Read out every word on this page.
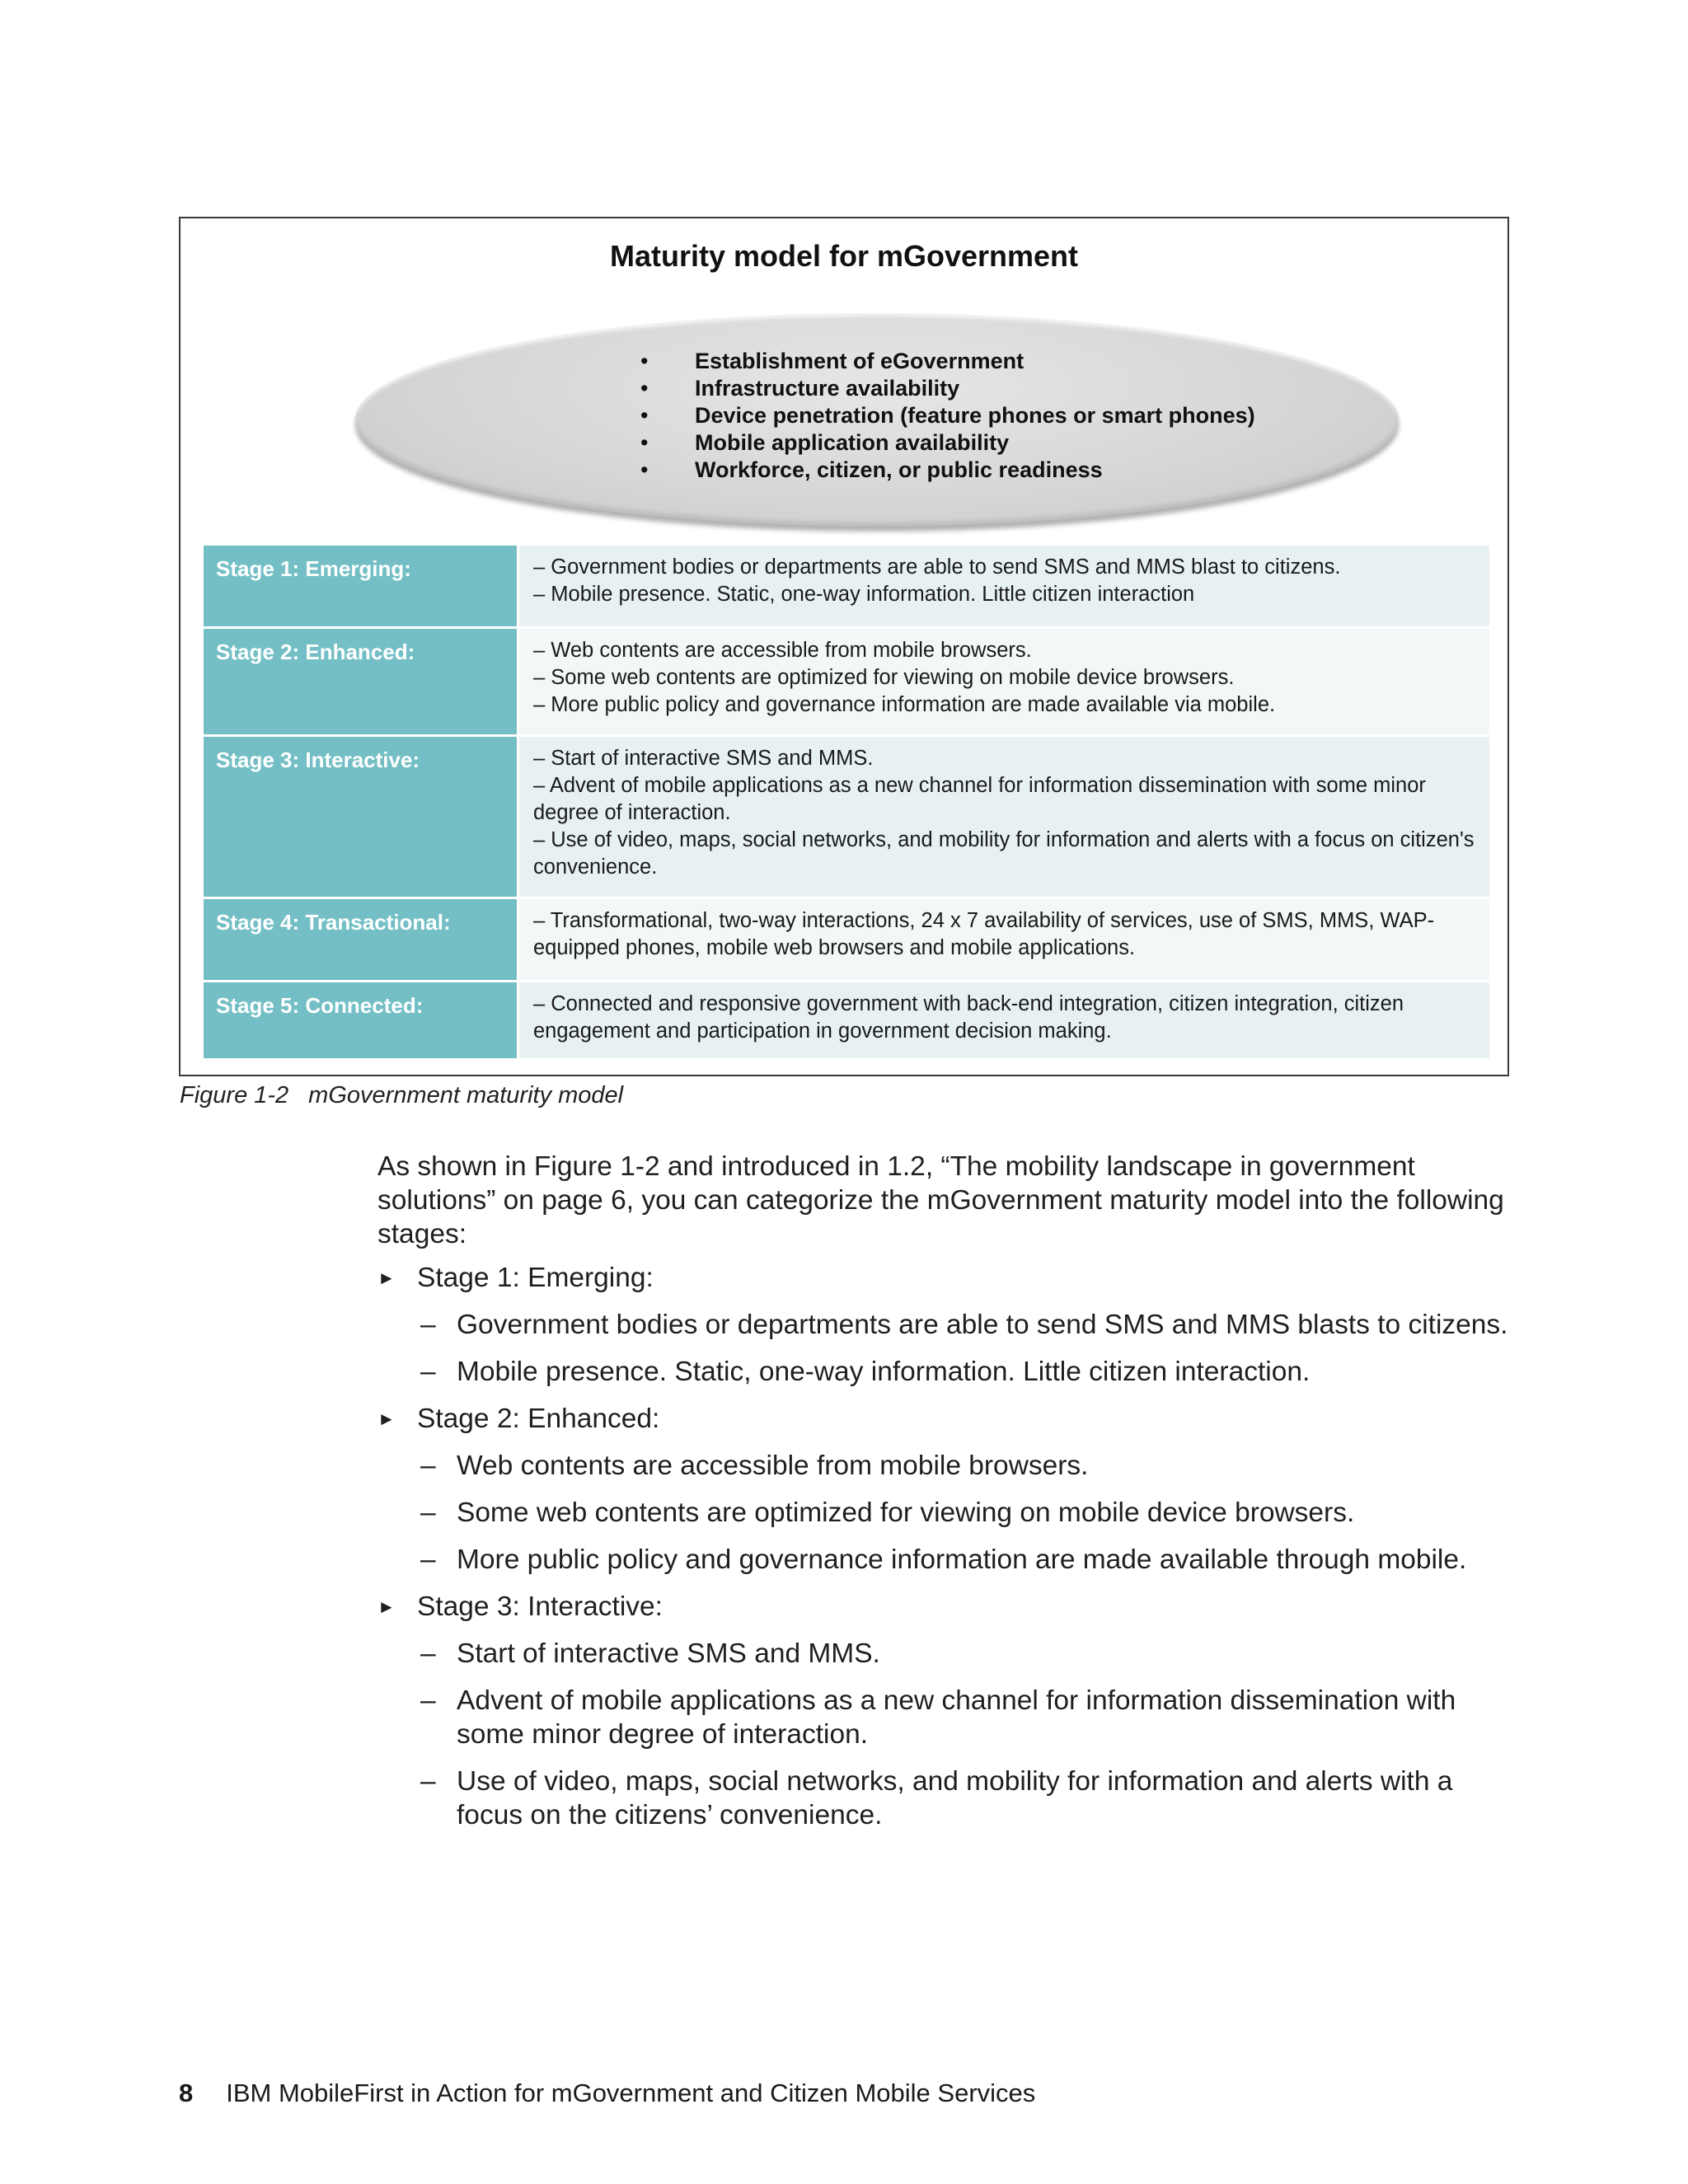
Maturity model for mGovernment
• Establishment of eGovernment
• Infrastructure availability
• Device penetration (feature phones or smart phones)
• Mobile application availability
• Workforce, citizen, or public readiness
Stage 1: Emerging:	– Government bodies or departments are able to send SMS and MMS blast to citizens.
– Mobile presence. Static, one-way information. Little citizen interaction
Stage 2: Enhanced:	– Web contents are accessible from mobile browsers.
– Some web contents are optimized for viewing on mobile device browsers.
– More public policy and governance information are made available via mobile.
Stage 3: Interactive:	– Start of interactive SMS and MMS.
– Advent of mobile applications as a new channel for information dissemination with some minor degree of interaction.
– Use of video, maps, social networks, and mobility for information and alerts with a focus on citizen's convenience.
Stage 4: Transactional:	– Transformational, two-way interactions, 24 x 7 availability of services, use of SMS, MMS, WAP-equipped phones, mobile web browsers and mobile applications.
Stage 5: Connected:	– Connected and responsive government with back-end integration, citizen integration, citizen engagement and participation in government decision making.
Figure 1-2 mGovernment maturity model

As shown in Figure 1-2 and introduced in 1.2, “The mobility landscape in government solutions” on page 6, you can categorize the mGovernment maturity model into the following stages:

► Stage 1: Emerging:
– Government bodies or departments are able to send SMS and MMS blasts to citizens.
– Mobile presence. Static, one-way information. Little citizen interaction.
► Stage 2: Enhanced:
– Web contents are accessible from mobile browsers.
– Some web contents are optimized for viewing on mobile device browsers.
– More public policy and governance information are made available through mobile.
► Stage 3: Interactive:
– Start of interactive SMS and MMS.
– Advent of mobile applications as a new channel for information dissemination with some minor degree of interaction.
– Use of video, maps, social networks, and mobility for information and alerts with a focus on the citizens’ convenience.
8 IBM MobileFirst in Action for mGovernment and Citizen Mobile Services
